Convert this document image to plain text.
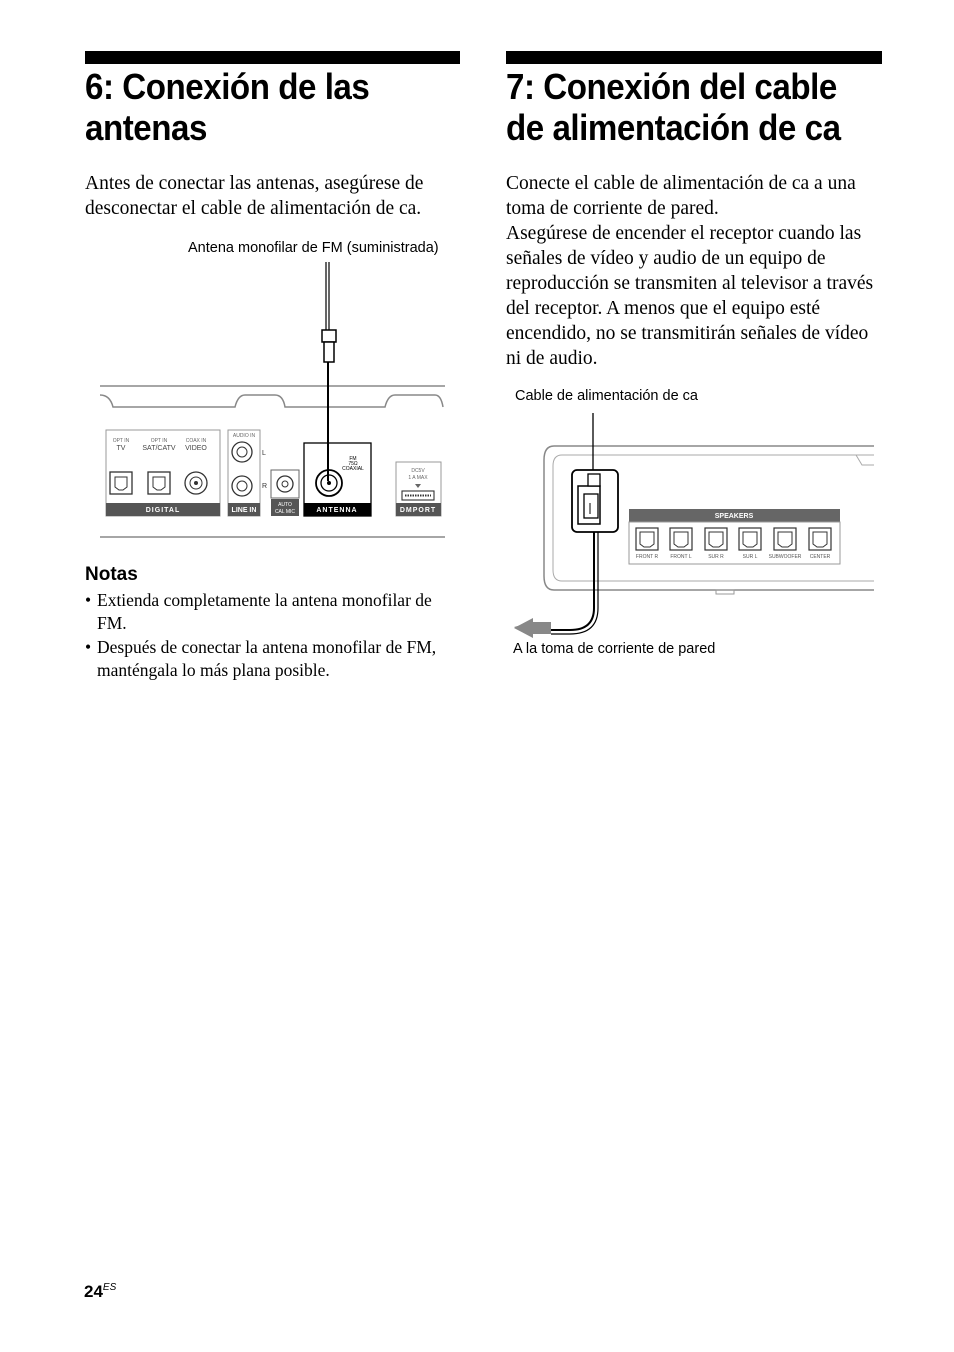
6: Conexión de las antenas

Antes de conectar las antenas, asegúrese de desconectar el cable de alimentación de ca.

Antena monofilar de FM (suministrada)
OPT IN
TV
OPT IN
SAT/CATV
COAX IN
VIDEO
DIGITAL
AUDIO IN
L
R
LINE IN
AUTO
CAL MIC
FM
75Ω
COAXIAL
ANTENNA
DC5V
1 A MAX
DMPORT
Notas
• Extienda completamente la antena monofilar de FM.
• Después de conectar la antena monofilar de FM, manténgala lo más plana posible.
7: Conexión del cable de alimentación de ca

Conecte el cable de alimentación de ca a una toma de corriente de pared.
Asegúrese de encender el receptor cuando las señales de vídeo y audio de un equipo de reproducción se transmiten al televisor a través del receptor. A menos que el equipo esté encendido, no se transmitirán señales de vídeo ni de audio.

Cable de alimentación de ca
SPEAKERS
FRONT R FRONT L	SUR R	SUR L SUBWOOFER CENTER
A la toma de corriente de pared
$24^{ES}$
